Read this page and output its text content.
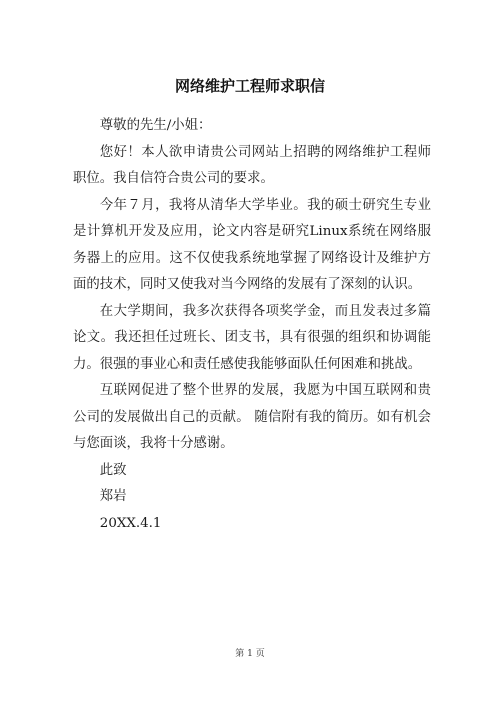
网络维护工程师求职信

尊敬的先生/小姐：

您好！本人欲申请贵公司网站上招聘的网络维护工程师职位。我自信符合贵公司的要求。

今年７月，我将从清华大学毕业。我的硕士研究生专业是计算机开发及应用，论文内容是研究Linux系统在网络服务器上的应用。这不仅使我系统地掌握了网络设计及维护方面的技术，同时又使我对当今网络的发展有了深刻的认识。

在大学期间，我多次获得各项奖学金，而且发表过多篇论文。我还担任过班长、团支书，具有很强的组织和协调能力。很强的事业心和责任感使我能够面队任何困难和挑战。

互联网促进了整个世界的发展，我愿为中国互联网和贵公司的发展做出自己的贡献。 随信附有我的简历。如有机会与您面谈，我将十分感谢。

此致

郑岩

20XX.4.1

第 1 页
